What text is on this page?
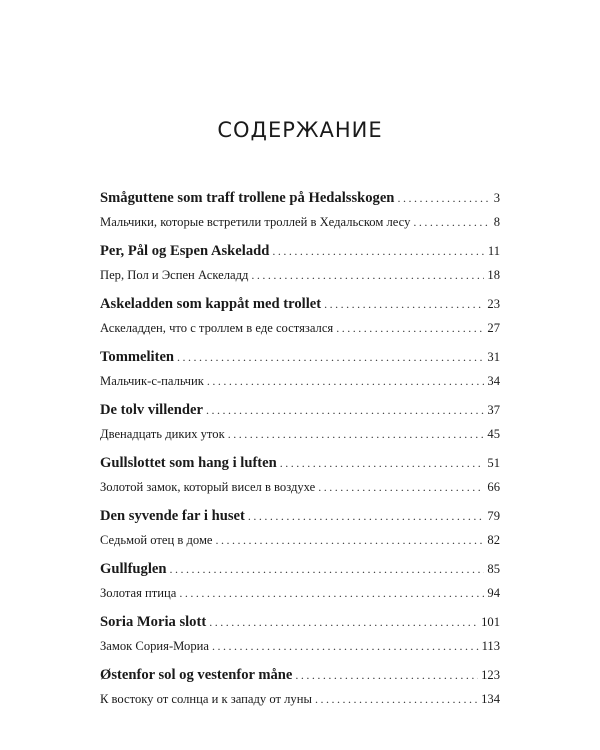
СОДЕРЖАНИЕ
Småguttene som traff trollene på Hedalsskogen . . .	3
Мальчики, которые встретили троллей в Хедальском лесу . . .	8
Per, Pål og Espen Askeladd . . .	11
Пер, Пол и Эспен Аскеладд . . .	18
Askeladden som kappåt med trollet . . .	23
Аскеладден, что с троллем в еде состязался . . .	27
Tommeliten . . .	31
Мальчик-с-пальчик . . .	34
De tolv villender . . .	37
Двенадцать диких уток . . .	45
Gullslottet som hang i luften . . .	51
Золотой замок, который висел в воздухе . . .	66
Den syvende far i huset . . .	79
Седьмой отец в доме . . .	82
Gullfuglen . . .	85
Золотая птица . . .	94
Soria Moria slott . . .	101
Замок Сория-Мориа . . .	113
Østenfor sol og vestenfor måne . . .	123
К востоку от солнца и к западу от луны . . .	134
